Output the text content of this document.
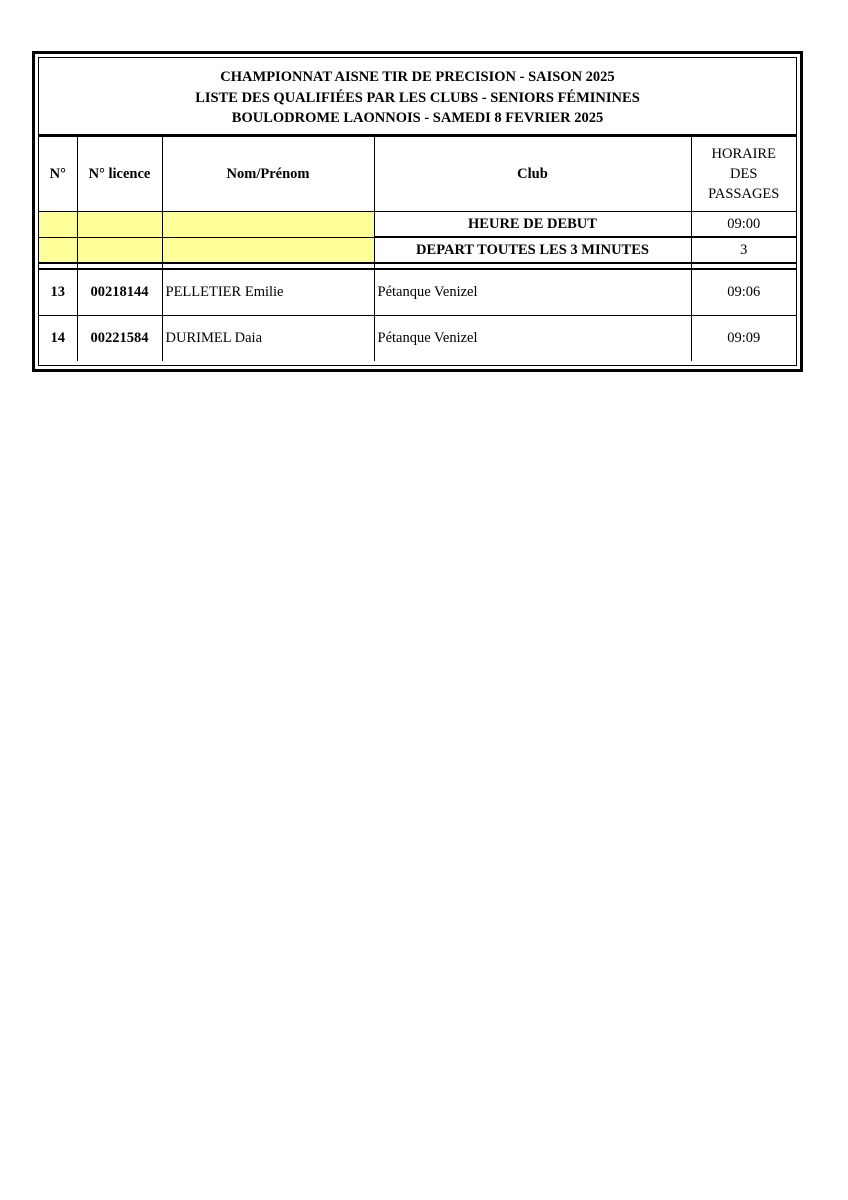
CHAMPIONNAT AISNE TIR DE PRECISION - SAISON 2025
LISTE DES QUALIFIÉES PAR LES CLUBS - SENIORS FÉMININES
BOULODROME LAONNOIS - SAMEDI 8 FEVRIER 2025
N°	N° licence	Nom/Prénom	Club	HORAIRE
DES
PASSAGES

			HEURE DE DEBUT	09:00
			DEPART TOUTES LES 3 MINUTES	3

13	00218144	PELLETIER Emilie	Pétanque Venizel	09:06
14	00221584	DURIMEL Daia	Pétanque Venizel	09:09
